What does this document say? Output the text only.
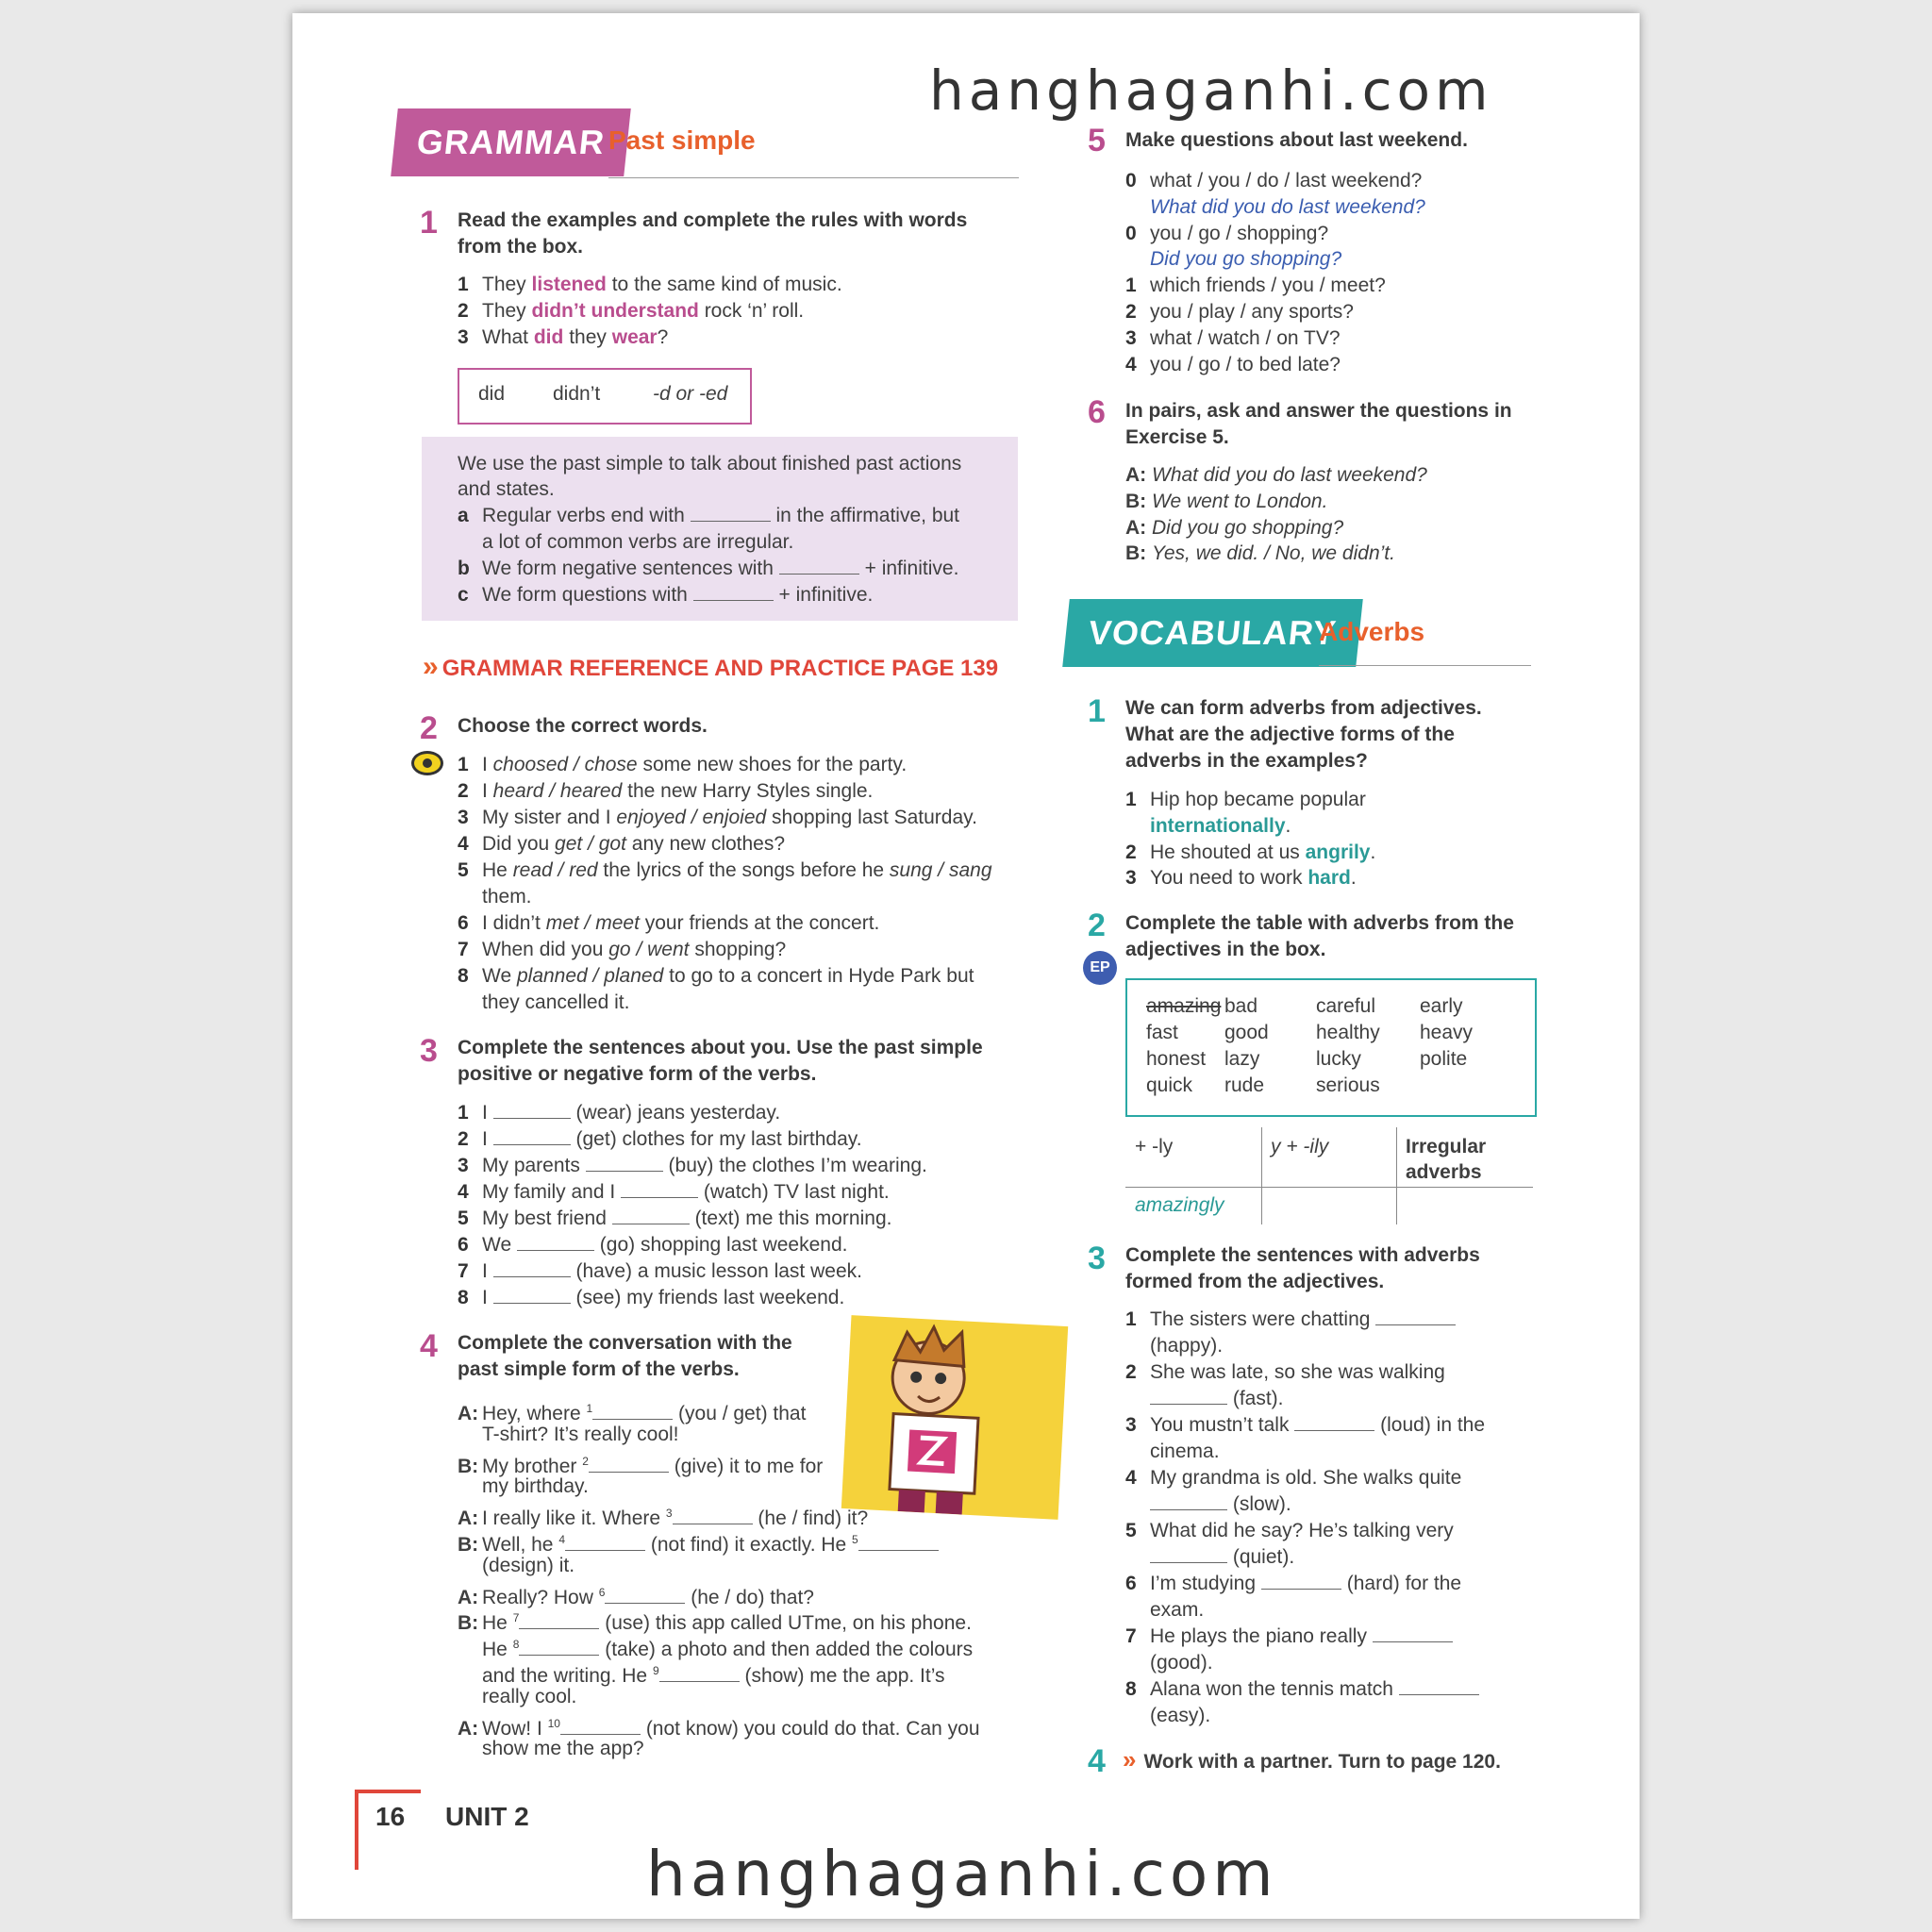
hanghaganhi.com
GRAMMAR Past simple
1 Read the examples and complete the rules with words from the box.
1 They listened to the same kind of music.
2 They didn’t understand rock ‘n’ roll.
3 What did they wear?
did didn’t	-d or -ed
We use the past simple to talk about finished past actions
and states.
a Regular verbs end with	in the affirmative, but
a lot of common verbs are irregular.
b We form negative sentences with	+ infinitive.
c We form questions with	+ infinitive.
» GRAMMAR REFERENCE AND PRACTICE PAGE 139
2 Choose the correct words.
1 I choosed / chose some new shoes for the party.
2 I heard / heared the new Harry Styles single.
3 My sister and I enjoyed / enjoied shopping last Saturday.
4 Did you get / got any new clothes?
5 He read / red the lyrics of the songs before he sung / sang
them.
6 I didn’t met / meet your friends at the concert.
7 When did you go / went shopping?
8 We planned / planed to go to a concert in Hyde Park but
they cancelled it.
3 Complete the sentences about you. Use the past simple
positive or negative form of the verbs.
1 I	(wear) jeans yesterday.
2 I	(get) clothes for my last birthday.
3 My parents	(buy) the clothes I’m wearing.
4 My family and I	(watch) TV last night.
5 My best friend	(text) me this morning.
6 We	(go) shopping last weekend.
7 I	(have) a music lesson last week.
8 I	(see) my friends last weekend.
4 Complete the conversation with the
past simple form of the verbs.
A: Hey, where $^1$	(you / get) that
T-shirt? It’s really cool!
B: My brother $^2$	(give) it to me for
my birthday.
A: I really like it. Where $^3$	(he / find) it?
B: Well, he $^4$	(not find) it exactly. He $^5$
(design) it.
A: Really? How $^6$	(he / do) that?
B: He $^7$	(use) this app called UTme, on his phone.
He $^8$	(take) a photo and then added the colours
and the writing. He $^9$	(show) me the app. It’s
really cool.
A: Wow! I $^{10}$	(not know) you could do that. Can you
show me the app?
5 Make questions about last weekend.
0 what / you / do / last weekend?
What did you do last weekend?
0 you / go / shopping?
Did you go shopping?
1 which friends / you / meet?
2 you / play / any sports?
3 what / watch / on TV?
4 you / go / to bed late?
6 In pairs, ask and answer the questions in
Exercise 5.
A: What did you do last weekend?
B: We went to London.
A: Did you go shopping?
B: Yes, we did. / No, we didn’t.
VOCABULARY
Adverbs
1 We can form adverbs from adjectives.
What are the adjective forms of the
adverbs in the examples?
1 Hip hop became popular
internationally.
2 He shouted at us angrily.
3 You need to work hard.
2
EP
Complete the table with adverbs from the
adjectives in the box.
amazing bad	careful early
fast good healthy heavy
honest lazy	lucky	polite
quick rude	serious
+ -ly	y + -ily	Irregular
adverbs
amazingly
3 Complete the sentences with adverbs
formed from the adjectives.
1 The sisters were chatting
(happy).
2 She was late, so she was walking
(fast).
3 You mustn’t talk	(loud) in the
cinema.
4 My grandma is old. She walks quite
(slow).
5 What did he say? He’s talking very
(quiet).
6 I’m studying	(hard) for the
exam.
7 He plays the piano really
(good).
8 Alana won the tennis match
(easy).
4 » Work with a partner. Turn to page 120.
16 UNIT 2
hanghaganhi.com
